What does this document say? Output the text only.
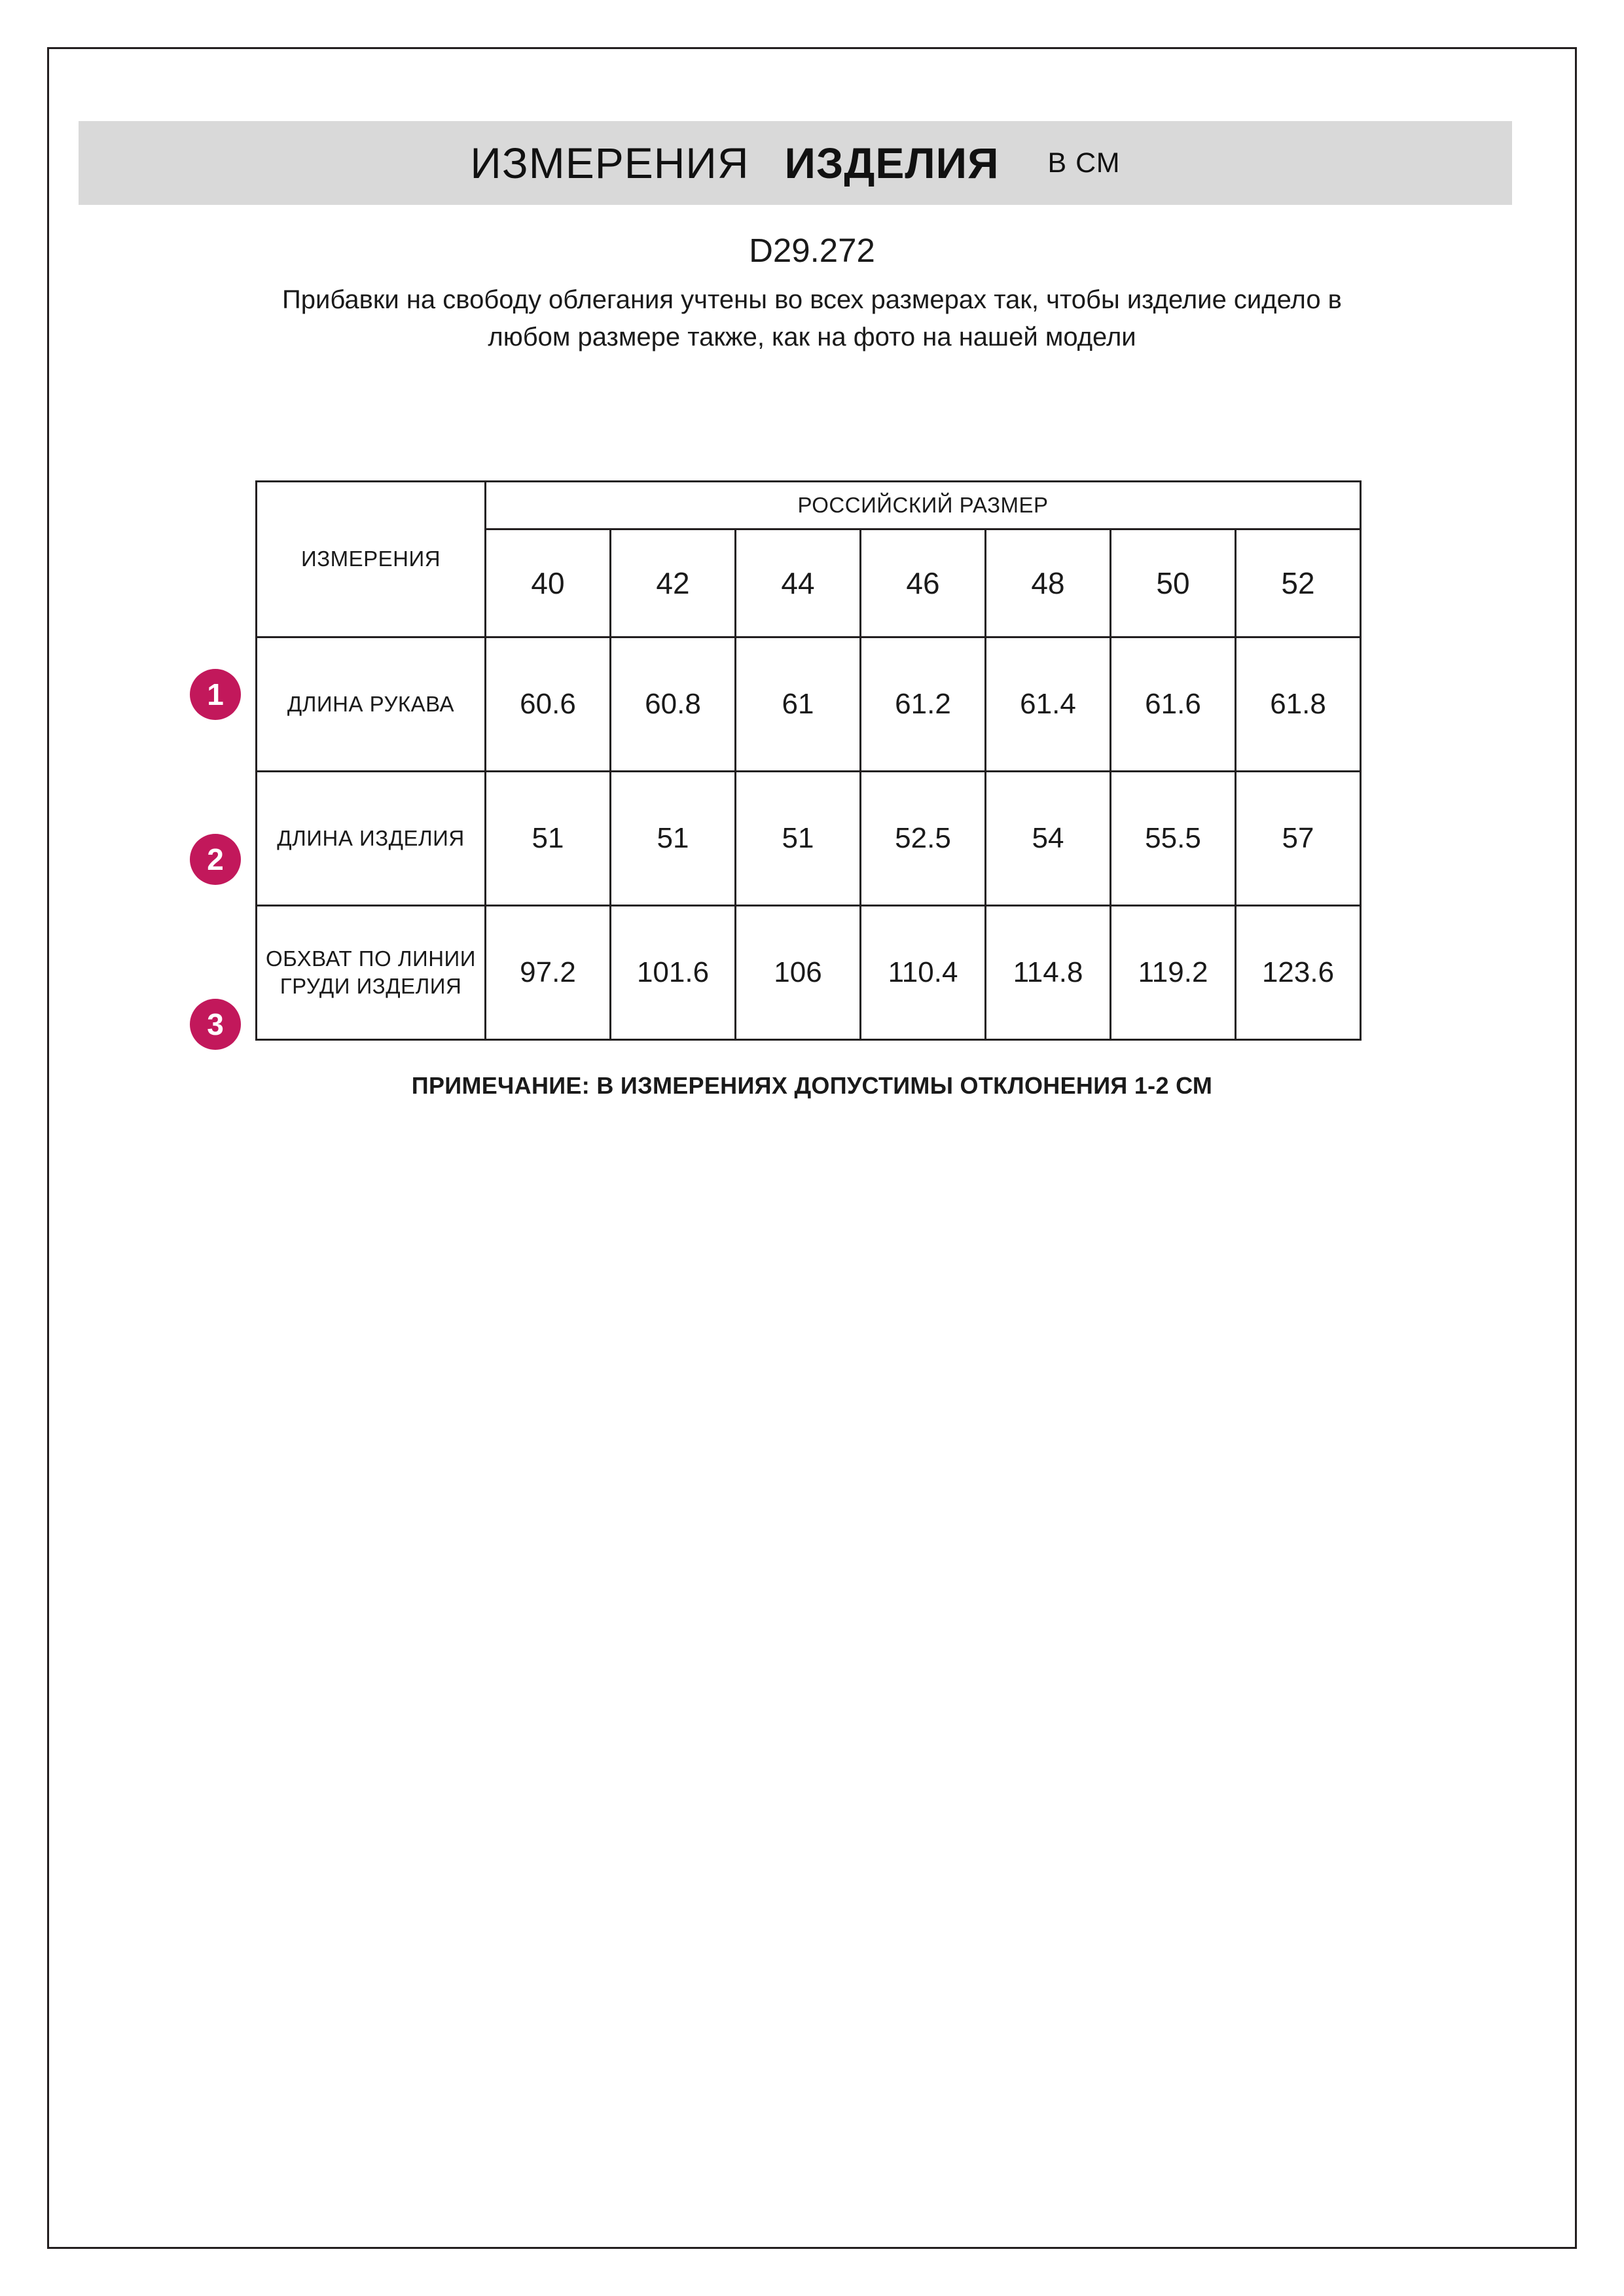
ИЗМЕРЕНИЯ ИЗДЕЛИЯ В СМ
D29.272
Прибавки на свободу облегания учтены во всех размерах так, чтобы изделие сидело в любом размере также, как на фото на нашей модели
1
2
3
ИЗМЕРЕНИЯ	РОССИЙСКИЙ РАЗМЕР						
	40	42	44	46	48	50	52
ДЛИНА РУКАВА	60.6	60.8	61	61.2	61.4	61.6	61.8
ДЛИНА ИЗДЕЛИЯ	51	51	51	52.5	54	55.5	57
ОБХВАТ ПО ЛИНИИ ГРУДИ ИЗДЕЛИЯ	97.2	101.6	106	110.4	114.8	119.2	123.6
ПРИМЕЧАНИЕ: В ИЗМЕРЕНИЯХ ДОПУСТИМЫ ОТКЛОНЕНИЯ 1-2 СМ
